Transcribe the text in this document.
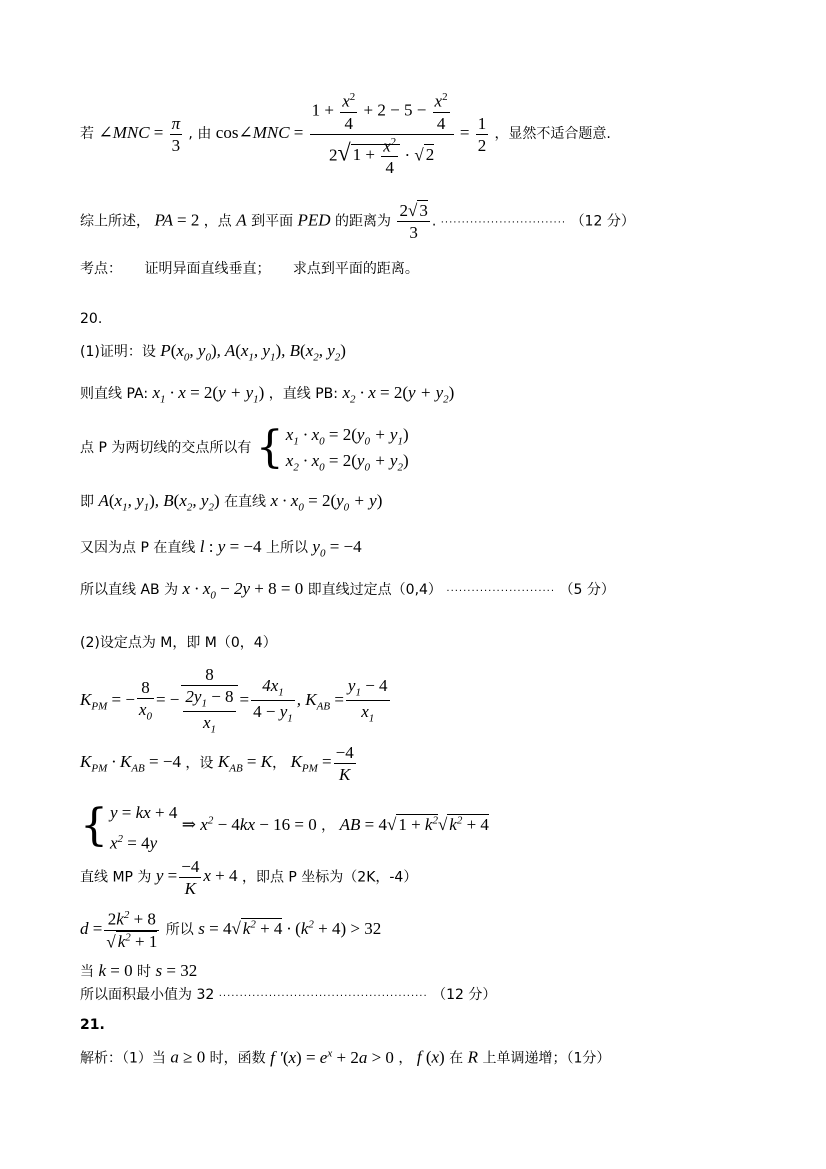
若 ∠MNC = $\frac{\pi}{3}$ , 由 cos∠MNC = $\frac{1 + \frac{x^2}{4} + 2 - 5 - \frac{x^2}{4}}{2√ 1 + \frac{x^2}{4} \cdot √ 2} = \frac{1}{2}$ ，显然不适合题意.
综上所述， PA = 2 ，点 A 到平面 PED 的距离为 $\frac{2√ 3}{3}$ . ······························ （12 分）
考点： 证明异面直线垂直； 求点到平面的距离。
20.
(1)证明：设 $P(x_0$, $y_0$), $A(x_1$, $y_1$), $B(x_2$, $y_2$)
则直线 PA: $x_1 \cdot x = 2(y + y_1)$ ，直线 PB: $x_2 \cdot x = 2(y + y_2)$
点 P 为两切线的交点所以有 { $x_1 \cdot x_0 = 2(y_0 + y_1)$
$x_2 \cdot x_0 = 2(y_0 + y_2)$
即 $A(x_1$, $y_1$), $B(x_2$, $y_2$) 在直线 $x \cdot x_0 = 2(y_0 + y)$
又因为点 P 在直线 l : y = −4 上所以 $y_0 = -4$
所以直线 AB 为 $x \cdot x_0 - 2y + 8 = 0$ 即直线过定点（0,4） ·························· （5 分）
(2)设定点为 M，即 M（0，4）
$K_{PM}$ = − $\frac{8}{x_0}$ = − $\frac{8}{\frac{2y_1 - 8}{x_1}} = \frac{4x_1}{4 - y_1}$ , $K_{AB} = \frac{y_1 - 4}{x_1}$
$K_{PM} \cdot K_{AB} = -4$ ，设 $K_{AB} = K$， $K_{PM} = \frac{-4}{K}$
{ y = kx + 4
$x^2 = 4y$
⇒ $x^2 - 4kx - 16 = 0$ ， AB = 4√ $1 + k^2√$ $k^2 + 4$
直线 MP 为 $y = \frac{-4}{K}$ x + 4 ，即点 P 坐标为（2K，-4）
$d = \frac{2k^2 + 8}{√ k^2 + 1}$ 所以 s = 4√ $k^2 + 4 \cdot (k^2 + 4) > 32$
当 k = 0 时 s = 32
所以面积最小值为 32 ·················································· （12 分）
21.
解析：（1）当 a ≥ 0 时，函数 f $'(x) = e^x + 2a > 0$ ， f (x) 在 R 上单调递增；（1分）
